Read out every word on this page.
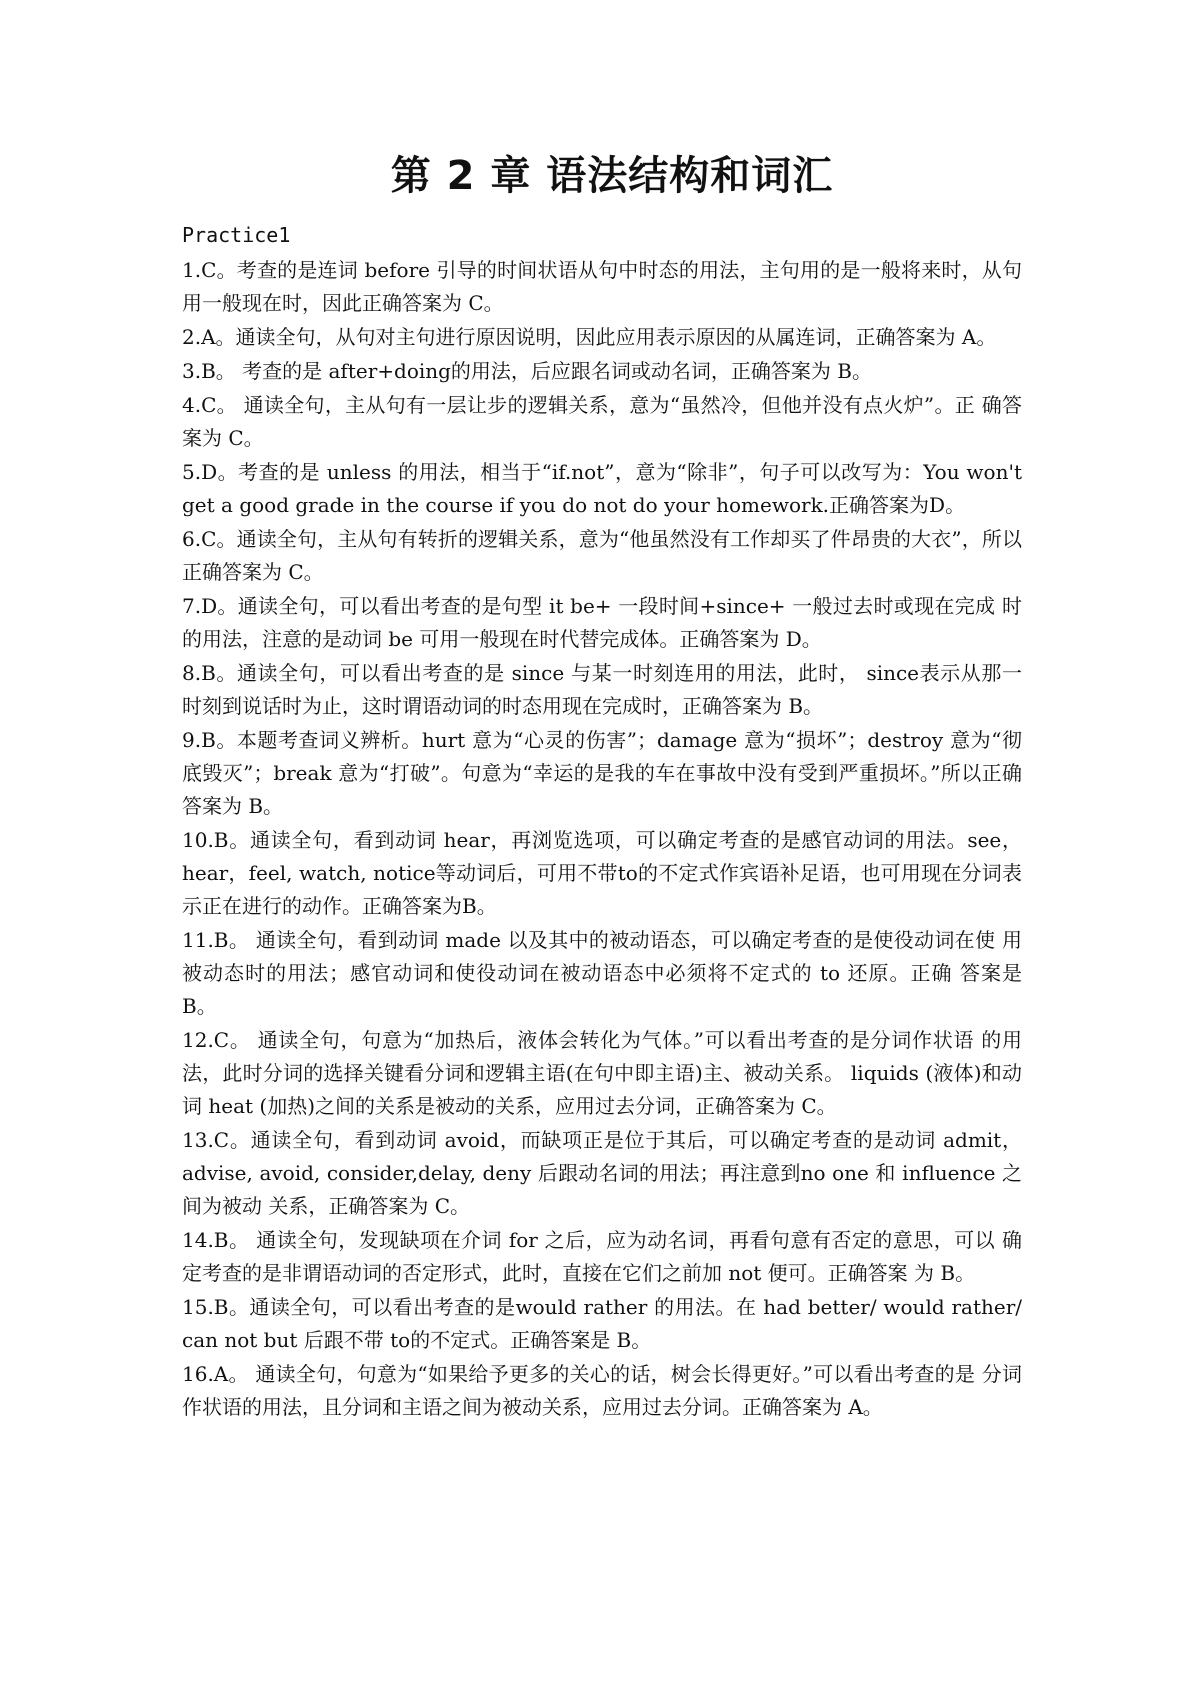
第 2 章 语法结构和词汇
Practice1

1.C。考查的是连词 before 引导的时间状语从句中时态的用法，主句用的是一般将来时，从句用一般现在时，因此正确答案为 C。

2.A。通读全句，从句对主句进行原因说明，因此应用表示原因的从属连词，正确答案为 A。

3.B。 考查的是 after+doing的用法，后应跟名词或动名词，正确答案为 B。

4.C。 通读全句，主从句有一层让步的逻辑关系，意为“虽然冷，但他并没有点火炉”。正 确答案为 C。

5.D。考查的是 unless 的用法，相当于“if.not”，意为“除非”，句子可以改写为：You won't get a good grade in the course if you do not do your homework.正确答案为D。

6.C。通读全句，主从句有转折的逻辑关系，意为“他虽然没有工作却买了件昂贵的大衣”，所以正确答案为 C。

7.D。通读全句，可以看出考查的是句型 it be+ 一段时间+since+ 一般过去时或现在完成 时的用法，注意的是动词 be 可用一般现在时代替完成体。正确答案为 D。

8.B。通读全句，可以看出考查的是 since 与某一时刻连用的用法，此时， since表示从那一 时刻到说话时为止，这时谓语动词的时态用现在完成时，正确答案为 B。

9.B。本题考查词义辨析。hurt 意为“心灵的伤害”；damage 意为“损坏”；destroy 意为“彻底毁灭”；break 意为“打破”。句意为“幸运的是我的车在事故中没有受到严重损坏。”所以正确答案为 B。

10.B。通读全句，看到动词 hear，再浏览选项，可以确定考查的是感官动词的用法。see，hear，feel, watch, notice等动词后，可用不带to的不定式作宾语补足语，也可用现在分词表示正在进行的动作。正确答案为B。

11.B。 通读全句，看到动词 made 以及其中的被动语态，可以确定考查的是使役动词在使 用被动态时的用法；感官动词和使役动词在被动语态中必须将不定式的 to 还原。正确 答案是 B。

12.C。 通读全句，句意为“加热后，液体会转化为气体。”可以看出考查的是分词作状语 的用法，此时分词的选择关键看分词和逻辑主语(在句中即主语)主、被动关系。 liquids (液体)和动词 heat (加热)之间的关系是被动的关系，应用过去分词，正确答案为 C。

13.C。通读全句，看到动词 avoid，而缺项正是位于其后，可以确定考查的是动词 admit，advise, avoid, consider,delay, deny 后跟动名词的用法；再注意到no one 和 influence 之间为被动 关系，正确答案为 C。

14.B。 通读全句，发现缺项在介词 for 之后，应为动名词，再看句意有否定的意思，可以 确定考查的是非谓语动词的否定形式，此时，直接在它们之前加 not 便可。正确答案 为 B。

15.B。通读全句，可以看出考查的是would rather 的用法。在 had better/ would rather/ can not but 后跟不带 to的不定式。正确答案是 B。

16.A。 通读全句，句意为“如果给予更多的关心的话，树会长得更好。”可以看出考查的是 分词作状语的用法，且分词和主语之间为被动关系，应用过去分词。正确答案为 A。
